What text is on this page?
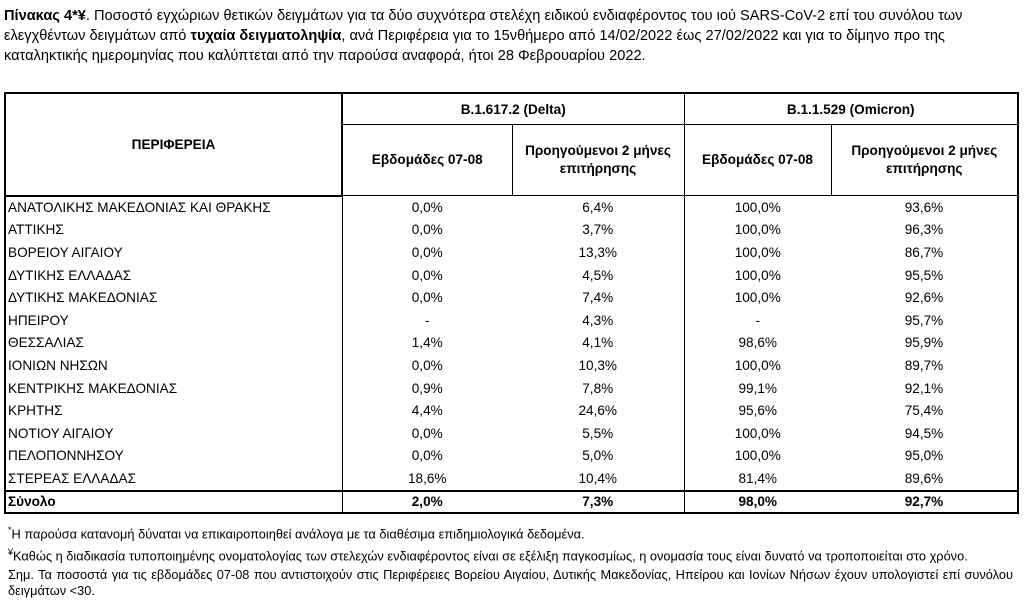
Πίνακας 4*¥. Ποσοστό εγχώριων θετικών δειγμάτων για τα δύο συχνότερα στελέχη ειδικού ενδιαφέροντος του ιού SARS-CoV-2 επί του συνόλου των ελεγχθέντων δειγμάτων από τυχαία δειγματοληψία, ανά Περιφέρεια για το 15νθήμερο από 14/02/2022 έως 27/02/2022 και για το δίμηνο προ της καταληκτικής ημερομηνίας που καλύπτεται από την παρούσα αναφορά, ήτοι 28 Φεβρουαρίου 2022.
ΠΕΡΙΦΕΡΕΙΑ	B.1.617.2 (Delta)		B.1.1.529 (Omicron)	
	Εβδομάδες 07-08	Προηγούμενοι 2 μήνες επιτήρησης	Εβδομάδες 07-08	Προηγούμενοι 2 μήνες επιτήρησης
ΑΝΑΤΟΛΙΚΗΣ ΜΑΚΕΔΟΝΙΑΣ ΚΑΙ ΘΡΑΚΗΣ	0,0%	6,4%	100,0%	93,6%
ΑΤΤΙΚΗΣ	0,0%	3,7%	100,0%	96,3%
ΒΟΡΕΙΟΥ ΑΙΓΑΙΟΥ	0,0%	13,3%	100,0%	86,7%
ΔΥΤΙΚΗΣ ΕΛΛΑΔΑΣ	0,0%	4,5%	100,0%	95,5%
ΔΥΤΙΚΗΣ ΜΑΚΕΔΟΝΙΑΣ	0,0%	7,4%	100,0%	92,6%
ΗΠΕΙΡΟΥ	-	4,3%	-	95,7%
ΘΕΣΣΑΛΙΑΣ	1,4%	4,1%	98,6%	95,9%
ΙΟΝΙΩΝ ΝΗΣΩΝ	0,0%	10,3%	100,0%	89,7%
ΚΕΝΤΡΙΚΗΣ ΜΑΚΕΔΟΝΙΑΣ	0,9%	7,8%	99,1%	92,1%
ΚΡΗΤΗΣ	4,4%	24,6%	95,6%	75,4%
ΝΟΤΙΟΥ ΑΙΓΑΙΟΥ	0,0%	5,5%	100,0%	94,5%
ΠΕΛΟΠΟΝΝΗΣΟΥ	0,0%	5,0%	100,0%	95,0%
ΣΤΕΡΕΑΣ ΕΛΛΑΔΑΣ	18,6%	10,4%	81,4%	89,6%
Σύνολο	2,0%	7,3%	98,0%	92,7%

*Η παρούσα κατανομή δύναται να επικαιροποιηθεί ανάλογα με τα διαθέσιμα επιδημιολογικά δεδομένα.

¥Καθώς η διαδικασία τυποποιημένης ονοματολογίας των στελεχών ενδιαφέροντος είναι σε εξέλιξη παγκοσμίως, η ονομασία τους είναι δυνατό να τροποποιείται στο χρόνο.

Σημ. Τα ποσοστά για τις εβδομάδες 07-08 που αντιστοιχούν στις Περιφέρειες Βορείου Αιγαίου, Δυτικής Μακεδονίας, Ηπείρου και Ιονίων Νήσων έχουν υπολογιστεί επί συνόλου δειγμάτων <30.
